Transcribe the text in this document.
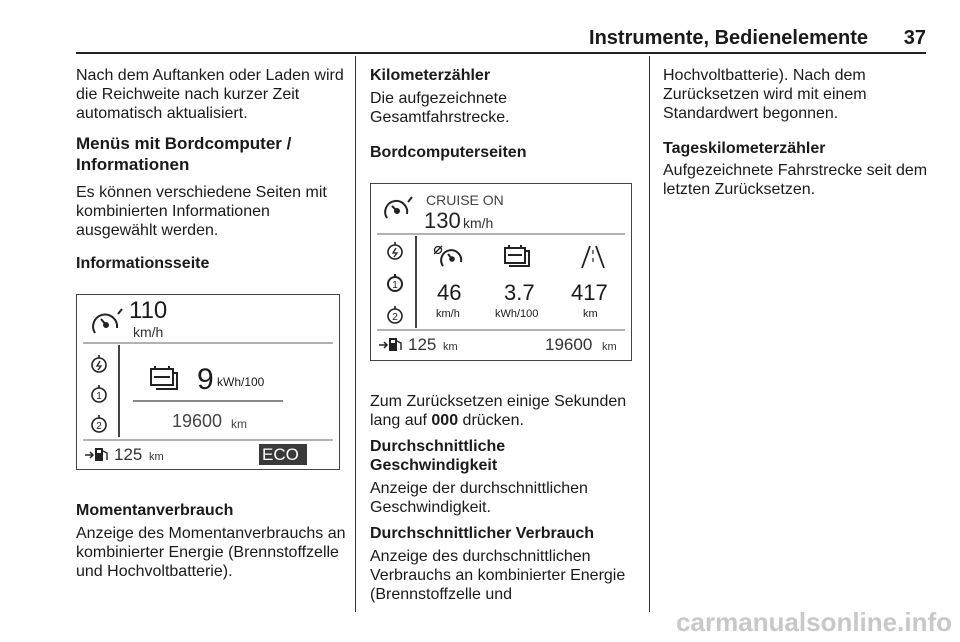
Instrumente, Bedienelemente 37

Nach dem Auftanken oder Laden wird die Reichweite nach kurzer Zeit automatisch aktualisiert.

Menüs mit Bordcomputer /
Informationen

Es können verschiedene Seiten mit kombinierten Informationen ausgewählt werden.

Informationsseite

Momentanverbrauch

Anzeige des Momentanverbrauchs an kombinierter Energie (Brennstoffzelle und Hochvoltbatterie).

1
2
110
km/h
9 kWh/100
19600 km
125 km	ECO

Kilometerzähler

Die aufgezeichnete Gesamtfahrstrecke.

Bordcomputerseiten

1
2
CRUISE ON
130 km/h
46
km/h
3.7
kWh/100
417
km
125 km	19600 km

Zum Zurücksetzen einige Sekunden lang auf 000 drücken.

Durchschnittliche Geschwindigkeit

Anzeige der durchschnittlichen Geschwindigkeit.

Durchschnittlicher Verbrauch

Anzeige des durchschnittlichen Verbrauchs an kombinierter Energie (Brennstoffzelle und

Hochvoltbatterie). Nach dem Zurücksetzen wird mit einem Standardwert begonnen.

Tageskilometerzähler

Aufgezeichnete Fahrstrecke seit dem letzten Zurücksetzen.

carmanualsonline.info
